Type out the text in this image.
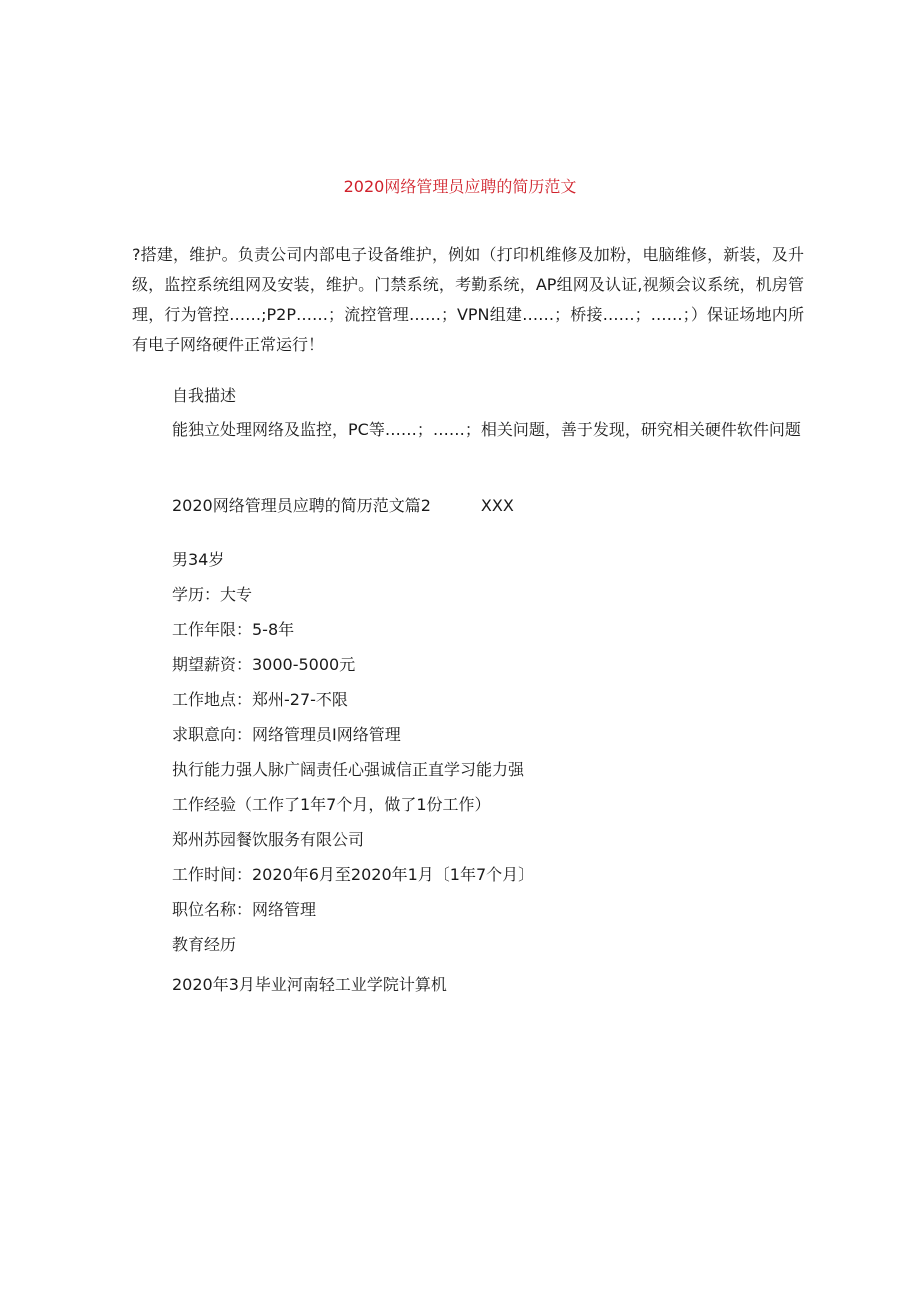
2020网络管理员应聘的简历范文
?搭建，维护。负责公司内部电子设备维护，例如（打印机维修及加粉，电脑维修，新装，及升级，监控系统组网及安装，维护。门禁系统，考勤系统，AP组网及认证,视频会议系统，机房管理，行为管控……;P2P……；流控管理……；VPN组建……；桥接……；……；）保证场地内所有电子网络硬件正常运行！
自我描述
能独立处理网络及监控，PC等……；……；相关问题，善于发现，研究相关硬件软件问题
2020网络管理员应聘的简历范文篇2	XXX
男34岁
学历：大专
工作年限：5-8年
期望薪资：3000-5000元
工作地点：郑州-27-不限
求职意向：网络管理员I网络管理
执行能力强人脉广阔责任心强诚信正直学习能力强
工作经验（工作了1年7个月，做了1份工作）
郑州苏园餐饮服务有限公司
工作时间：2020年6月至2020年1月〔1年7个月〕
职位名称：网络管理
教育经历
2020年3月毕业河南轻工业学院计算机
